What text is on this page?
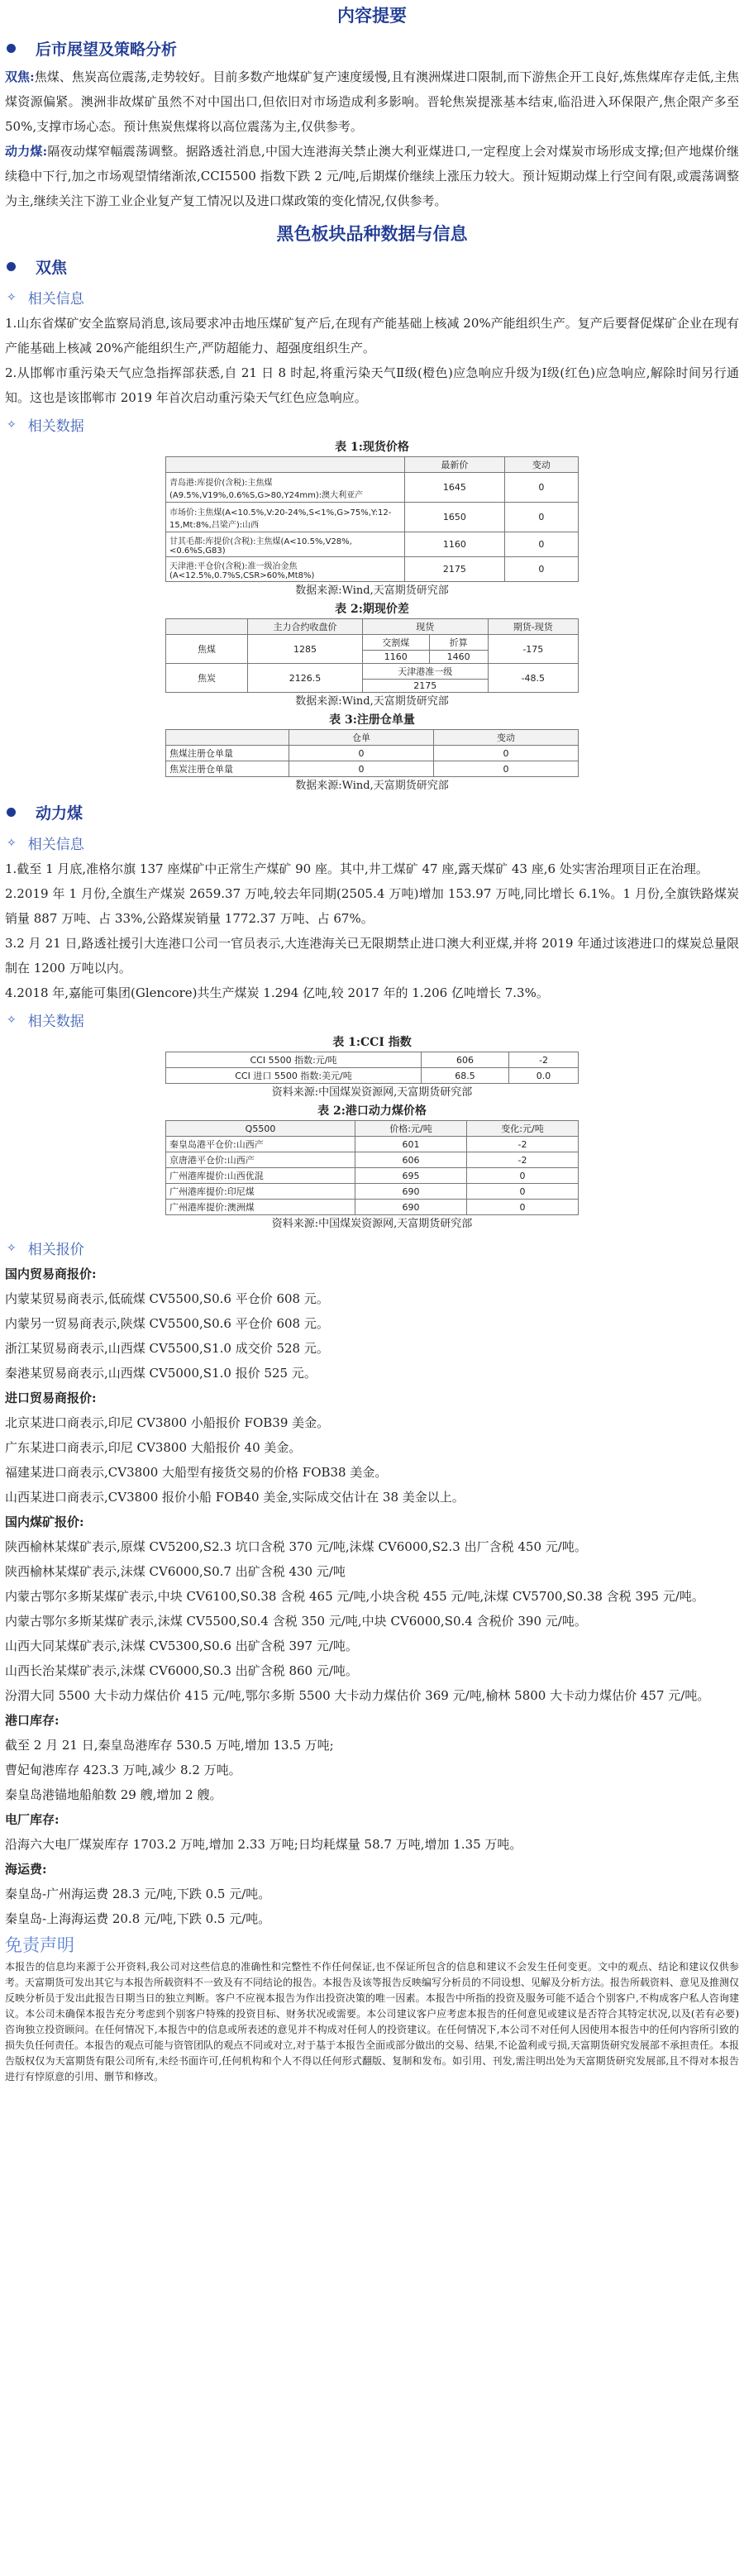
内容提要
后市展望及策略分析
双焦:焦煤、焦炭高位震荡,走势较好。目前多数产地煤矿复产速度缓慢,且有澳洲煤进口限制,而下游焦企开工良好,炼焦煤库存走低,主焦煤资源偏紧。澳洲非故煤矿虽然不对中国出口,但依旧对市场造成利多影响。晋轮焦炭提涨基本结束,临沿进入环保限产,焦企限产多至 50%,支撑市场心态。预计焦炭焦煤将以高位震荡为主,仅供参考。
动力煤:隔夜动煤窄幅震荡调整。据路透社消息,中国大连港海关禁止澳大利亚煤进口,一定程度上会对煤炭市场形成支撑;但产地煤价继续稳中下行,加之市场观望情绪渐浓,CCI5500 指数下跌 2 元/吨,后期煤价继续上涨压力较大。预计短期动煤上行空间有限,或震荡调整为主,继续关注下游工业企业复产复工情况以及进口煤政策的变化情况,仅供参考。
黑色板块品种数据与信息
双焦
✧ 相关信息
1.山东省煤矿安全监察局消息,该局要求冲击地压煤矿复产后,在现有产能基础上核减 20%产能组织生产。复产后要督促煤矿企业在现有产能基础上核减 20%产能组织生产,严防超能力、超强度组织生产。
2.从邯郸市重污染天气应急指挥部获悉,自 21 日 8 时起,将重污染天气Ⅱ级(橙色)应急响应升级为Ⅰ级(红色)应急响应,解除时间另行通知。这也是该邯郸市 2019 年首次启动重污染天气红色应急响应。
✧ 相关数据
表 1:现货价格
	最新价	变动
青岛港:库提价(含税):主焦煤(A9.5%,V19%,0.6%S,G>80,Y24mm):澳大利亚产	1645	0
市场价:主焦煤(A<10.5%,V:20-24%,S<1%,G>75%,Y:12-15,Mt:8%,吕梁产):山西	1650	0
甘其毛都:库提价(含税):主焦煤(A<10.5%,V28%,<0.6%S,G83)	1160	0
天津港:平仓价(含税):准一级冶金焦(A<12.5%,0.7%S,CSR>60%,Mt8%)	2175	0
数据来源:Wind,天富期货研究部
表 2:期现价差
	主力合约收盘价	现货		期货-现货
焦煤	1285	交割煤	折算	-175
		1160	1460	
焦炭	2126.5	天津港准一级		-48.5
		2175		
数据来源:Wind,天富期货研究部
表 3:注册仓单量
	仓单	变动
焦煤注册仓单量	0	0
焦炭注册仓单量	0	0
数据来源:Wind,天富期货研究部
动力煤
✧ 相关信息
1.截至 1 月底,准格尔旗 137 座煤矿中正常生产煤矿 90 座。其中,井工煤矿 47 座,露天煤矿 43 座,6 处实害治理项目正在治理。
2.2019 年 1 月份,全旗生产煤炭 2659.37 万吨,较去年同期(2505.4 万吨)增加 153.97 万吨,同比增长 6.1%。1 月份,全旗铁路煤炭销量 887 万吨、占 33%,公路煤炭销量 1772.37 万吨、占 67%。
3.2 月 21 日,路透社援引大连港口公司一官员表示,大连港海关已无限期禁止进口澳大利亚煤,并将 2019 年通过该港进口的煤炭总量限制在 1200 万吨以内。
4.2018 年,嘉能可集团(Glencore)共生产煤炭 1.294 亿吨,较 2017 年的 1.206 亿吨增长 7.3%。
✧ 相关数据
表 1:CCI 指数
CCI 5500 指数:元/吨	606	-2
CCI 进口 5500 指数:美元/吨	68.5	0.0
资料来源:中国煤炭资源网,天富期货研究部
表 2:港口动力煤价格
Q5500	价格:元/吨	变化:元/吨
秦皇岛港平仓价:山西产	601	-2
京唐港平仓价:山西产	606	-2
广州港库提价:山西优混	695	0
广州港库提价:印尼煤	690	0
广州港库提价:澳洲煤	690	0
资料来源:中国煤炭资源网,天富期货研究部
✧ 相关报价
国内贸易商报价:
内蒙某贸易商表示,低硫煤 CV5500,S0.6 平仓价 608 元。
内蒙另一贸易商表示,陕煤 CV5500,S0.6 平仓价 608 元。
浙江某贸易商表示,山西煤 CV5500,S1.0 成交价 528 元。
秦港某贸易商表示,山西煤 CV5000,S1.0 报价 525 元。
进口贸易商报价:
北京某进口商表示,印尼 CV3800 小船报价 FOB39 美金。
广东某进口商表示,印尼 CV3800 大船报价 40 美金。
福建某进口商表示,CV3800 大船型有接货交易的价格 FOB38 美金。
山西某进口商表示,CV3800 报价小船 FOB40 美金,实际成交估计在 38 美金以上。
国内煤矿报价:
陕西榆林某煤矿表示,原煤 CV5200,S2.3 坑口含税 370 元/吨,沫煤 CV6000,S2.3 出厂含税 450 元/吨。
陕西榆林某煤矿表示,沫煤 CV6000,S0.7 出矿含税 430 元/吨
内蒙古鄂尔多斯某煤矿表示,中块 CV6100,S0.38 含税 465 元/吨,小块含税 455 元/吨,沫煤 CV5700,S0.38 含税 395 元/吨。
内蒙古鄂尔多斯某煤矿表示,沫煤 CV5500,S0.4 含税 350 元/吨,中块 CV6000,S0.4 含税价 390 元/吨。
山西大同某煤矿表示,沫煤 CV5300,S0.6 出矿含税 397 元/吨。
山西长治某煤矿表示,沫煤 CV6000,S0.3 出矿含税 860 元/吨。
汾渭大同 5500 大卡动力煤估价 415 元/吨,鄂尔多斯 5500 大卡动力煤估价 369 元/吨,榆林 5800 大卡动力煤估价 457 元/吨。
港口库存:
截至 2 月 21 日,秦皇岛港库存 530.5 万吨,增加 13.5 万吨;
曹妃甸港库存 423.3 万吨,减少 8.2 万吨。
秦皇岛港锚地船舶数 29 艘,增加 2 艘。
电厂库存:
沿海六大电厂煤炭库存 1703.2 万吨,增加 2.33 万吨;日均耗煤量 58.7 万吨,增加 1.35 万吨。
海运费:
秦皇岛-广州海运费 28.3 元/吨,下跌 0.5 元/吨。
秦皇岛-上海海运费 20.8 元/吨,下跌 0.5 元/吨。
免责声明
本报告的信息均来源于公开资料,我公司对这些信息的准确性和完整性不作任何保证,也不保证所包含的信息和建议不会发生任何变更。文中的观点、结论和建议仅供参考。天富期货可发出其它与本报告所载资料不一致及有不同结论的报告。本报告及该等报告反映编写分析员的不同设想、见解及分析方法。报告所载资料、意见及推测仅反映分析员于发出此报告日期当日的独立判断。客户不应视本报告为作出投资决策的唯一因素。本报告中所指的投资及服务可能不适合个别客户,不构成客户私人咨询建议。本公司未确保本报告充分考虑到个别客户特殊的投资目标、财务状况或需要。本公司建议客户应考虑本报告的任何意见或建议是否符合其特定状况,以及(若有必要)咨询独立投资顾问。在任何情况下,本报告中的信息或所表述的意见并不构成对任何人的投资建议。在任何情况下,本公司不对任何人因使用本报告中的任何内容所引致的损失负任何责任。本报告的观点可能与资管团队的观点不同或对立,对于基于本报告全面或部分做出的交易、结果,不论盈利或亏损,天富期货研究发展部不承担责任。本报告版权仅为天富期货有限公司所有,未经书面许可,任何机构和个人不得以任何形式翻版、复制和发布。如引用、刊发,需注明出处为天富期货研究发展部,且不得对本报告进行有悖原意的引用、删节和修改。
